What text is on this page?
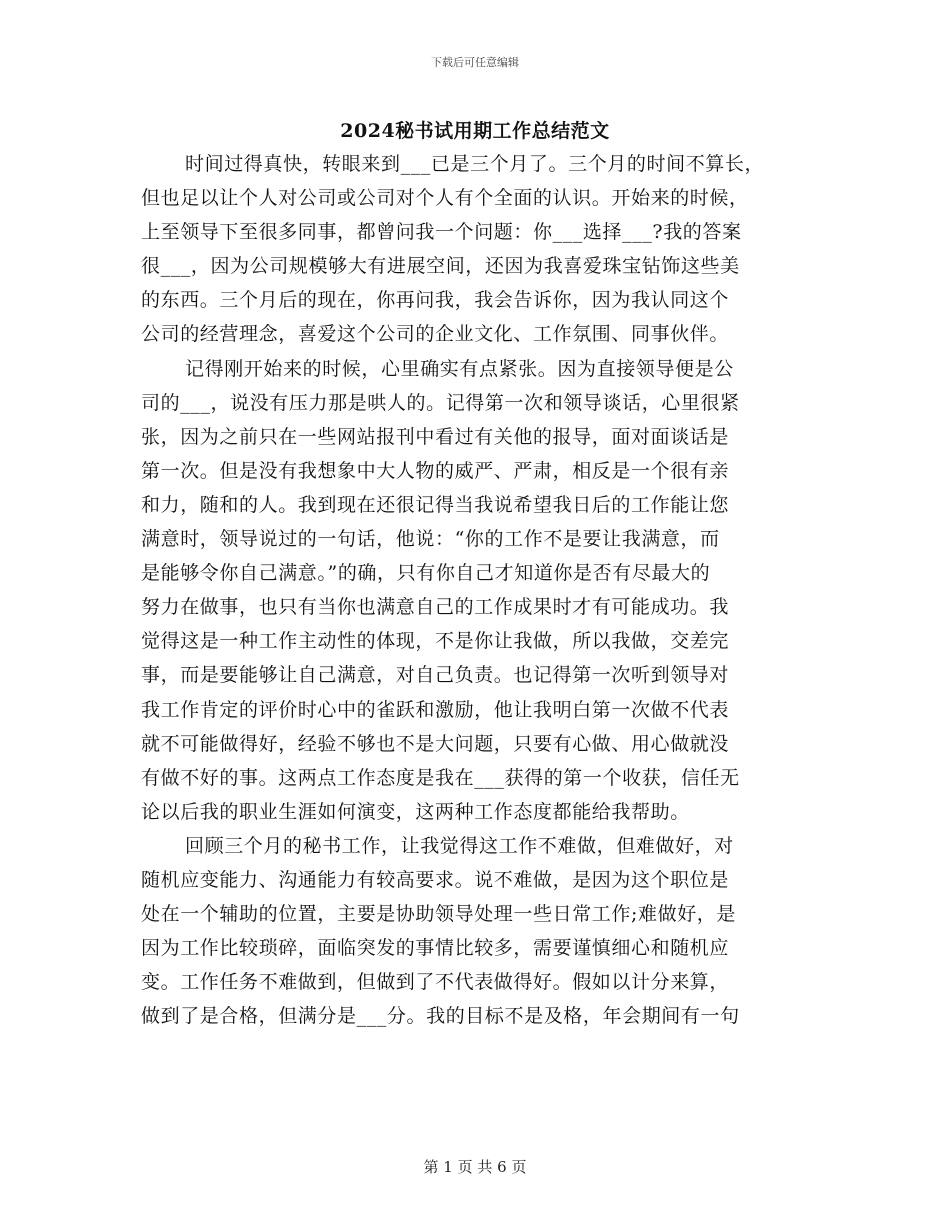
下载后可任意编辑
2024秘书试用期工作总结范文
时间过得真快，转眼来到___已是三个月了。三个月的时间不算长，
但也足以让个人对公司或公司对个人有个全面的认识。开始来的时候，
上至领导下至很多同事，都曾问我一个问题：你___选择___?我的答案
很___，因为公司规模够大有进展空间，还因为我喜爱珠宝钻饰这些美
的东西。三个月后的现在，你再问我，我会告诉你，因为我认同这个
公司的经营理念，喜爱这个公司的企业文化、工作氛围、同事伙伴。
记得刚开始来的时候，心里确实有点紧张。因为直接领导便是公
司的___，说没有压力那是哄人的。记得第一次和领导谈话，心里很紧
张，因为之前只在一些网站报刊中看过有关他的报导，面对面谈话是
第一次。但是没有我想象中大人物的威严、严肃，相反是一个很有亲
和力，随和的人。我到现在还很记得当我说希望我日后的工作能让您
满意时，领导说过的一句话，他说：“你的工作不是要让我满意，而
是能够令你自己满意。”的确，只有你自己才知道你是否有尽最大的
努力在做事，也只有当你也满意自己的工作成果时才有可能成功。我
觉得这是一种工作主动性的体现，不是你让我做，所以我做，交差完
事，而是要能够让自己满意，对自己负责。也记得第一次听到领导对
我工作肯定的评价时心中的雀跃和激励，他让我明白第一次做不代表
就不可能做得好，经验不够也不是大问题，只要有心做、用心做就没
有做不好的事。这两点工作态度是我在___获得的第一个收获，信任无
论以后我的职业生涯如何演变，这两种工作态度都能给我帮助。
回顾三个月的秘书工作，让我觉得这工作不难做，但难做好，对
随机应变能力、沟通能力有较高要求。说不难做，是因为这个职位是
处在一个辅助的位置，主要是协助领导处理一些日常工作;难做好，是
因为工作比较琐碎，面临突发的事情比较多，需要谨慎细心和随机应
变。工作任务不难做到，但做到了不代表做得好。假如以计分来算，
做到了是合格，但满分是___分。我的目标不是及格，年会期间有一句
第 1 页 共 6 页
